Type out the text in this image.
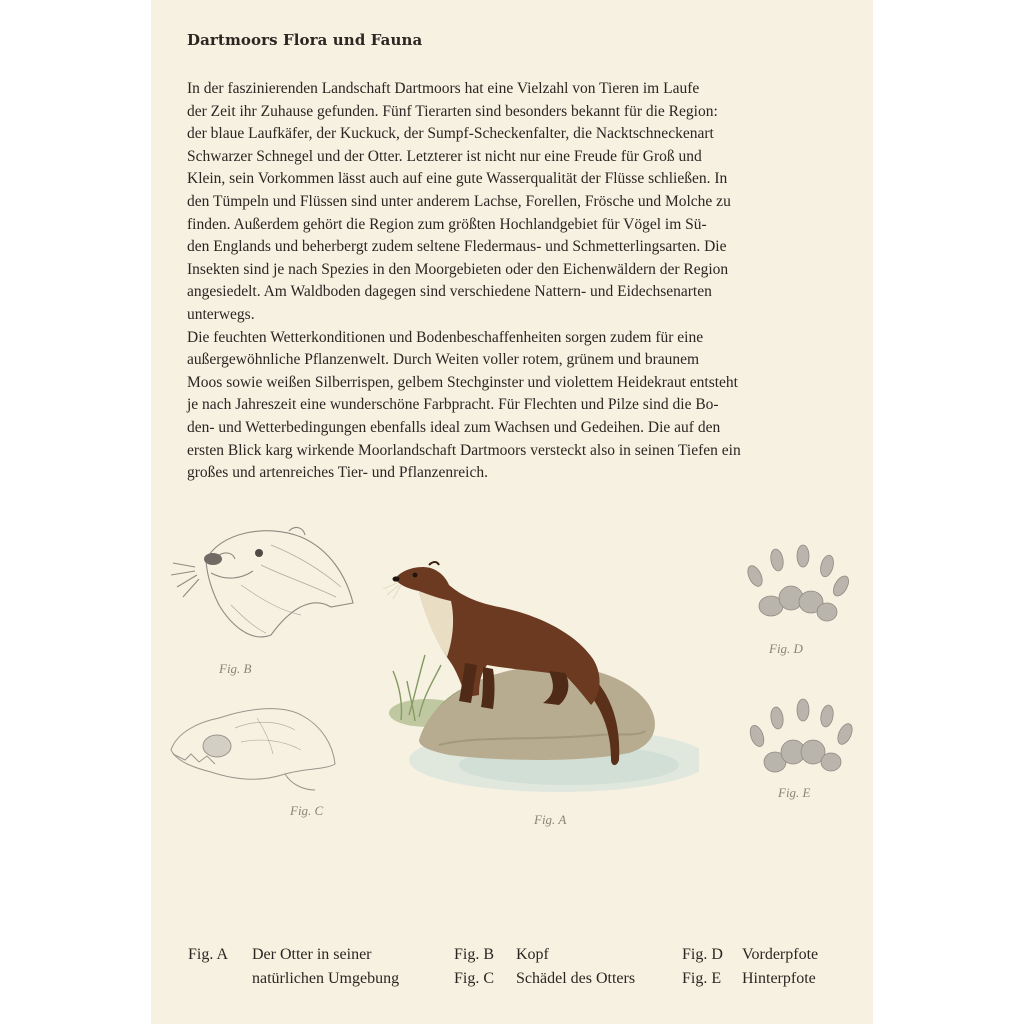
Dartmoors Flora und Fauna

In der faszinierenden Landschaft Dartmoors hat eine Vielzahl von Tieren im Laufe
der Zeit ihr Zuhause gefunden. Fünf Tierarten sind besonders bekannt für die Region:
der blaue Laufkäfer, der Kuckuck, der Sumpf-Scheckenfalter, die Nacktschneckenart
Schwarzer Schnegel und der Otter. Letzterer ist nicht nur eine Freude für Groß und
Klein, sein Vorkommen lässt auch auf eine gute Wasserqualität der Flüsse schließen. In
den Tümpeln und Flüssen sind unter anderem Lachse, Forellen, Frösche und Molche zu
finden. Außerdem gehört die Region zum größten Hochlandgebiet für Vögel im Sü-
den Englands und beherbergt zudem seltene Fledermaus- und Schmetterlingsarten. Die
Insekten sind je nach Spezies in den Moorgebieten oder den Eichenwäldern der Region
angesiedelt. Am Waldboden dagegen sind verschiedene Nattern- und Eidechsenarten
unterwegs.
Die feuchten Wetterkonditionen und Bodenbeschaffenheiten sorgen zudem für eine
außergewöhnliche Pflanzenwelt. Durch Weiten voller rotem, grünem und braunem
Moos sowie weißen Silberrispen, gelbem Stechginster und violettem Heidekraut entsteht
je nach Jahreszeit eine wunderschöne Farbpracht. Für Flechten und Pilze sind die Bo-
den- und Wetterbedingungen ebenfalls ideal zum Wachsen und Gedeihen. Die auf den
ersten Blick karg wirkende Moorlandschaft Dartmoors versteckt also in seinen Tiefen ein
großes und artenreiches Tier- und Pflanzenreich.

Fig. B
Fig. C
Fig. A
Fig. D
Fig. E
Fig. A Der Otter in seiner
natürlichen Umgebung
Fig. B Kopf
Fig. C Schädel des Otters
Fig. D Vorderpfote
Fig. E Hinterpfote
